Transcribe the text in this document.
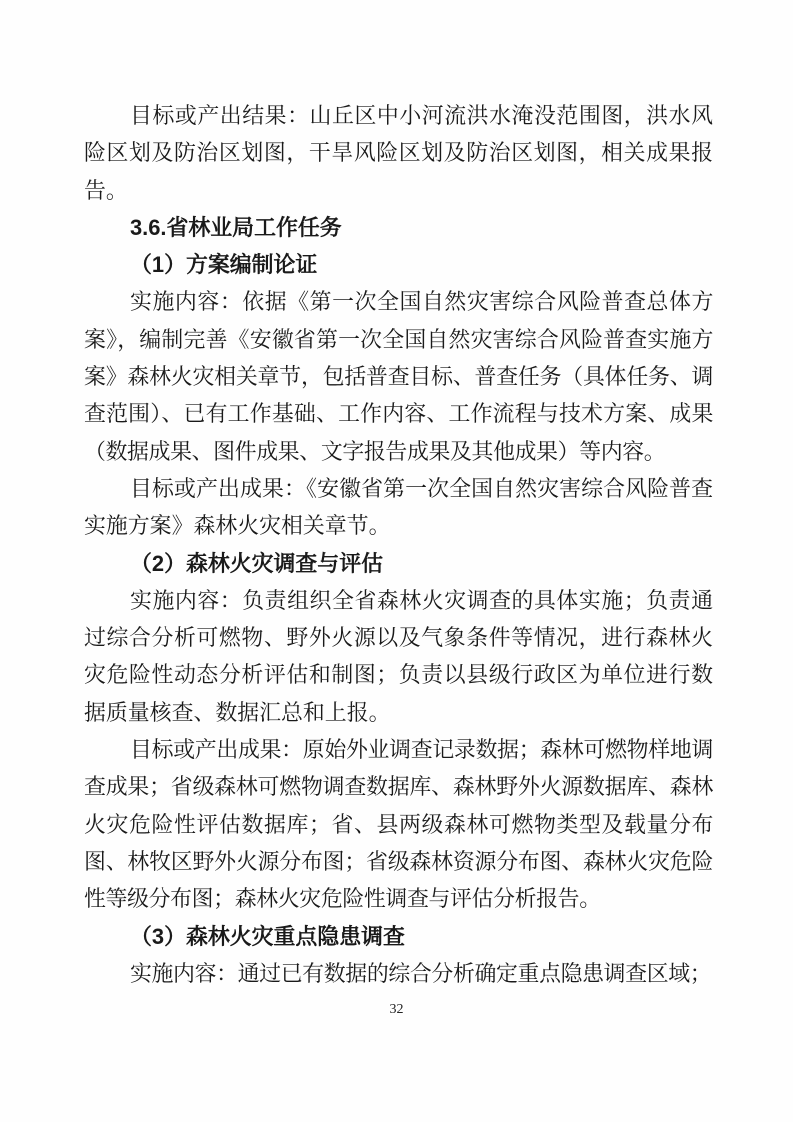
目标或产出结果：山丘区中小河流洪水淹没范围图，洪水风险区划及防治区划图，干旱风险区划及防治区划图，相关成果报告。

3.6.省林业局工作任务
（1）方案编制论证

实施内容：依据《第一次全国自然灾害综合风险普查总体方案》，编制完善《安徽省第一次全国自然灾害综合风险普查实施方案》森林火灾相关章节，包括普查目标、普查任务（具体任务、调查范围）、已有工作基础、工作内容、工作流程与技术方案、成果（数据成果、图件成果、文字报告成果及其他成果）等内容。

目标或产出成果：《安徽省第一次全国自然灾害综合风险普查实施方案》森林火灾相关章节。

（2）森林火灾调查与评估

实施内容：负责组织全省森林火灾调查的具体实施；负责通过综合分析可燃物、野外火源以及气象条件等情况，进行森林火灾危险性动态分析评估和制图；负责以县级行政区为单位进行数据质量核查、数据汇总和上报。

目标或产出成果：原始外业调查记录数据；森林可燃物样地调查成果；省级森林可燃物调查数据库、森林野外火源数据库、森林火灾危险性评估数据库；省、县两级森林可燃物类型及载量分布图、林牧区野外火源分布图；省级森林资源分布图、森林火灾危险性等级分布图；森林火灾危险性调查与评估分析报告。

（3）森林火灾重点隐患调查

实施内容：通过已有数据的综合分析确定重点隐患调查区域；

32
